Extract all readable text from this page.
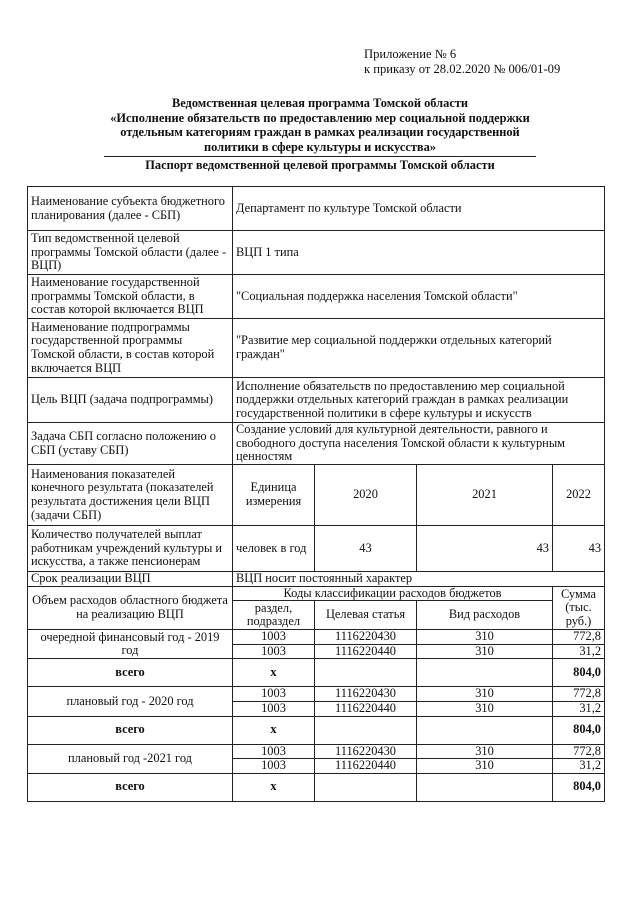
Приложение № 6
к приказу от 28.02.2020 № 006/01-09
Ведомственная целевая программа Томской области
«Исполнение обязательств по предоставлению мер социальной поддержки
отдельным категориям граждан в рамках реализации государственной
политики в сфере культуры и искусства»
Паспорт ведомственной целевой программы Томской области
Наименование субъекта бюджетного планирования (далее - СБП)	Департамент по культуре Томской области			
Тип ведомственной целевой программы Томской области (далее - ВЦП)	ВЦП 1 типа			
Наименование государственной программы Томской области, в состав которой включается ВЦП	"Социальная поддержка населения Томской области"			
Наименование подпрограммы государственной программы Томской области, в состав которой включается ВЦП	"Развитие мер социальной поддержки отдельных категорий граждан"			
Цель ВЦП (задача подпрограммы)	Исполнение обязательств по предоставлению мер социальной поддержки отдельных категорий граждан в рамках реализации государственной политики в сфере культуры и искусств			
Задача СБП согласно положению о СБП (уставу СБП)	Создание условий для культурной деятельности, равного и свободного доступа населения Томской области к культурным ценностям			
Наименования показателей конечного результата (показателей результата достижения цели ВЦП (задачи СБП)	Единица измерения	2020	2021	2022
Количество получателей выплат работникам учреждений культуры и искусства, а также пенсионерам	человек в год	43	43	43
Срок реализации ВЦП	ВЦП носит постоянный характер			
Объем расходов областного бюджета на реализацию ВЦП	Коды классификации расходов бюджетов			Сумма (тыс. руб.)
	раздел, подраздел	Целевая статья	Вид расходов	
очередной финансовый год - 2019 год	1003	1116220430	310	772,8
	1003	1116220440	310	31,2
всего	x			804,0
плановый год - 2020 год	1003	1116220430	310	772,8
	1003	1116220440	310	31,2
всего	x			804,0
плановый год -2021 год	1003	1116220430	310	772,8
	1003	1116220440	310	31,2
всего	x			804,0
